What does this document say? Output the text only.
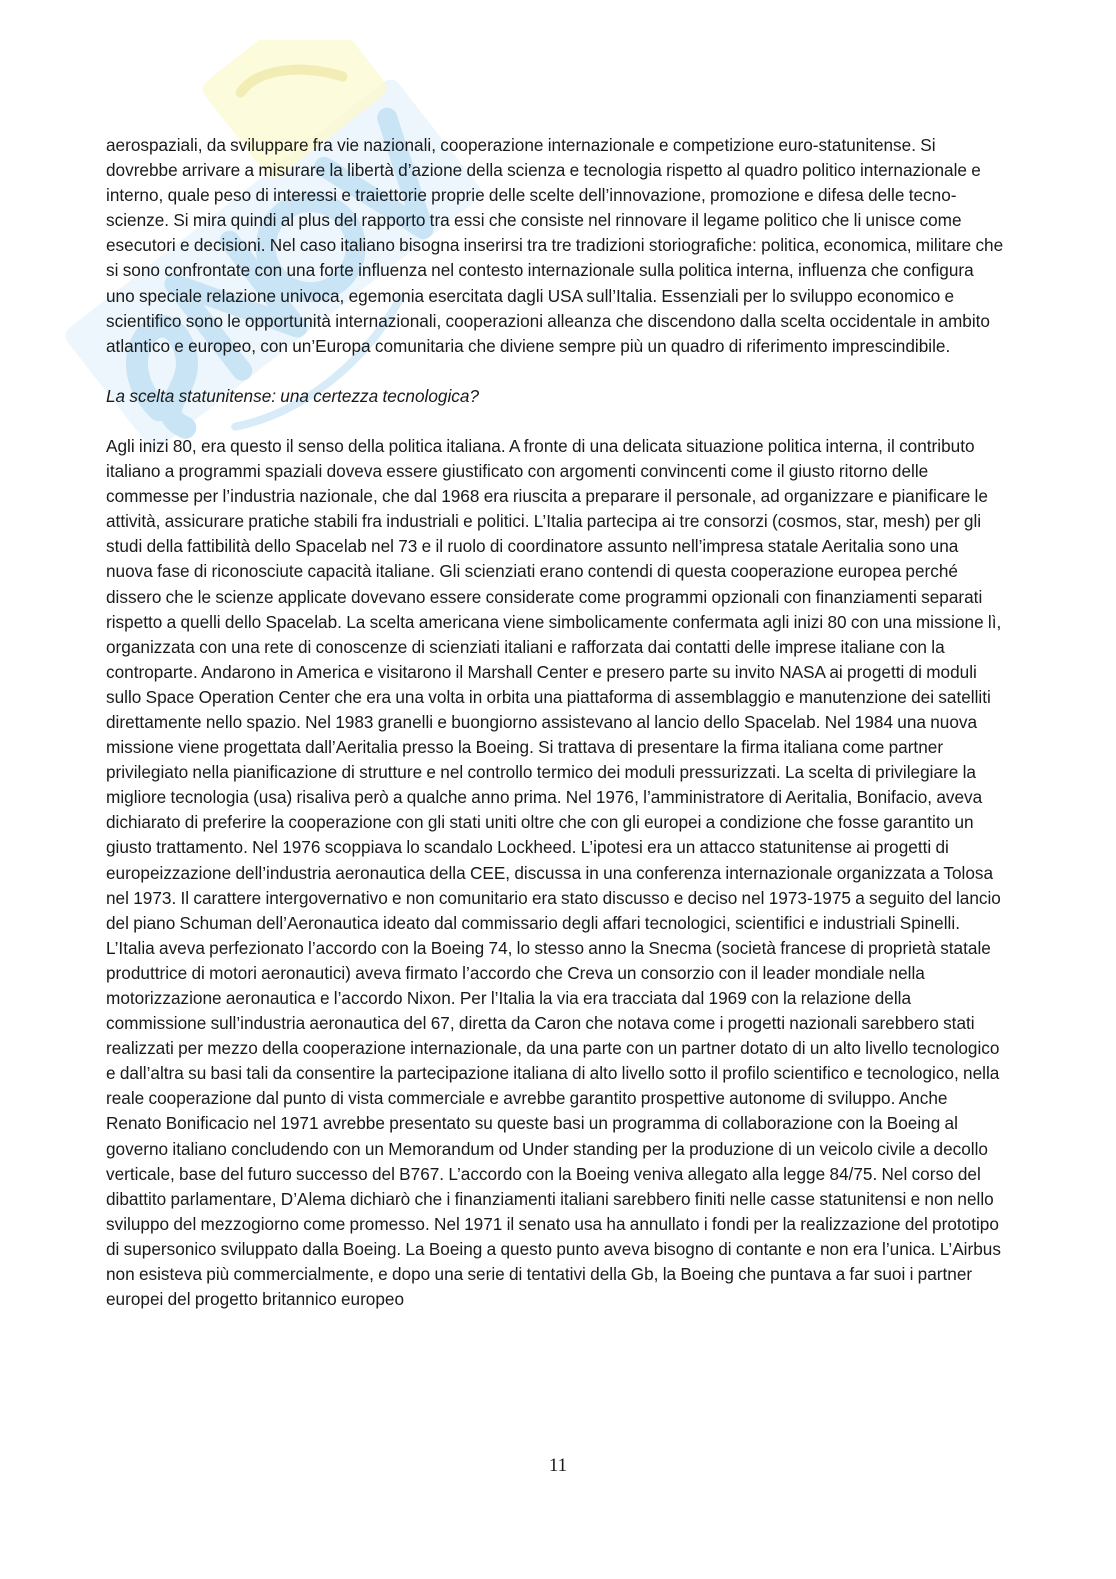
aerospaziali, da sviluppare fra vie nazionali, cooperazione internazionale e competizione euro-statunitense. Si dovrebbe arrivare a misurare la libertà d’azione della scienza e tecnologia rispetto al quadro politico internazionale e interno, quale peso di interessi e traiettorie proprie delle scelte dell’innovazione, promozione e difesa delle tecno-scienze. Si mira quindi al plus del rapporto tra essi che consiste nel rinnovare il legame politico che li unisce come esecutori e decisioni. Nel caso italiano bisogna inserirsi tra tre tradizioni storiografiche: politica, economica, militare che si sono confrontate con una forte influenza nel contesto internazionale sulla politica interna, influenza che configura uno speciale relazione univoca, egemonia esercitata dagli USA sull’Italia. Essenziali per lo sviluppo economico e scientifico sono le opportunità internazionali, cooperazioni alleanza che discendono dalla scelta occidentale in ambito atlantico e europeo, con un’Europa comunitaria che diviene sempre più un quadro di riferimento imprescindibile.

La scelta statunitense: una certezza tecnologica?

Agli inizi 80, era questo il senso della politica italiana. A fronte di una delicata situazione politica interna, il contributo italiano a programmi spaziali doveva essere giustificato con argomenti convincenti come il giusto ritorno delle commesse per l’industria nazionale, che dal 1968 era riuscita a preparare il personale, ad organizzare e pianificare le attività, assicurare pratiche stabili fra industriali e politici. L’Italia partecipa ai tre consorzi (cosmos, star, mesh) per gli studi della fattibilità dello Spacelab nel 73 e il ruolo di coordinatore assunto nell’impresa statale Aeritalia sono una nuova fase di riconosciute capacità italiane. Gli scienziati erano contendi di questa cooperazione europea perché dissero che le scienze applicate dovevano essere considerate come programmi opzionali con finanziamenti separati rispetto a quelli dello Spacelab. La scelta americana viene simbolicamente confermata agli inizi 80 con una missione lì, organizzata con una rete di conoscenze di scienziati italiani e rafforzata dai contatti delle imprese italiane con la controparte. Andarono in America e visitarono il Marshall Center e presero parte su invito NASA ai progetti di moduli sullo Space Operation Center che era una volta in orbita una piattaforma di assemblaggio e manutenzione dei satelliti direttamente nello spazio. Nel 1983 granelli e buongiorno assistevano al lancio dello Spacelab. Nel 1984 una nuova missione viene progettata dall’Aeritalia presso la Boeing. Si trattava di presentare la firma italiana come partner privilegiato nella pianificazione di strutture e nel controllo termico dei moduli pressurizzati. La scelta di privilegiare la migliore tecnologia (usa) risaliva però a qualche anno prima. Nel 1976, l’amministratore di Aeritalia, Bonifacio, aveva dichiarato di preferire la cooperazione con gli stati uniti oltre che con gli europei a condizione che fosse garantito un giusto trattamento. Nel 1976 scoppiava lo scandalo Lockheed. L’ipotesi era un attacco statunitense ai progetti di europeizzazione dell’industria aeronautica della CEE, discussa in una conferenza internazionale organizzata a Tolosa nel 1973. Il carattere intergovernativo e non comunitario era stato discusso e deciso nel 1973-1975 a seguito del lancio del piano Schuman dell’Aeronautica ideato dal commissario degli affari tecnologici, scientifici e industriali Spinelli. L’Italia aveva perfezionato l’accordo con la Boeing 74, lo stesso anno la Snecma (società francese di proprietà statale produttrice di motori aeronautici) aveva firmato l’accordo che Creva un consorzio con il leader mondiale nella motorizzazione aeronautica e l’accordo Nixon. Per l’Italia la via era tracciata dal 1969 con la relazione della commissione sull’industria aeronautica del 67, diretta da Caron che notava come i progetti nazionali sarebbero stati realizzati per mezzo della cooperazione internazionale, da una parte con un partner dotato di un alto livello tecnologico e dall’altra su basi tali da consentire la partecipazione italiana di alto livello sotto il profilo scientifico e tecnologico, nella reale cooperazione dal punto di vista commerciale e avrebbe garantito prospettive autonome di sviluppo. Anche Renato Bonificacio nel 1971 avrebbe presentato su queste basi un programma di collaborazione con la Boeing al governo italiano concludendo con un Memorandum od Under standing per la produzione di un veicolo civile a decollo verticale, base del futuro successo del B767. L’accordo con la Boeing veniva allegato alla legge 84/75. Nel corso del dibattito parlamentare, D’Alema dichiarò che i finanziamenti italiani sarebbero finiti nelle casse statunitensi e non nello sviluppo del mezzogiorno come promesso. Nel 1971 il senato usa ha annullato i fondi per la realizzazione del prototipo di supersonico sviluppato dalla Boeing. La Boeing a questo punto aveva bisogno di contante e non era l’unica. L’Airbus non esisteva più commercialmente, e dopo una serie di tentativi della Gb, la Boeing che puntava a far suoi i partner europei del progetto britannico europeo

11
